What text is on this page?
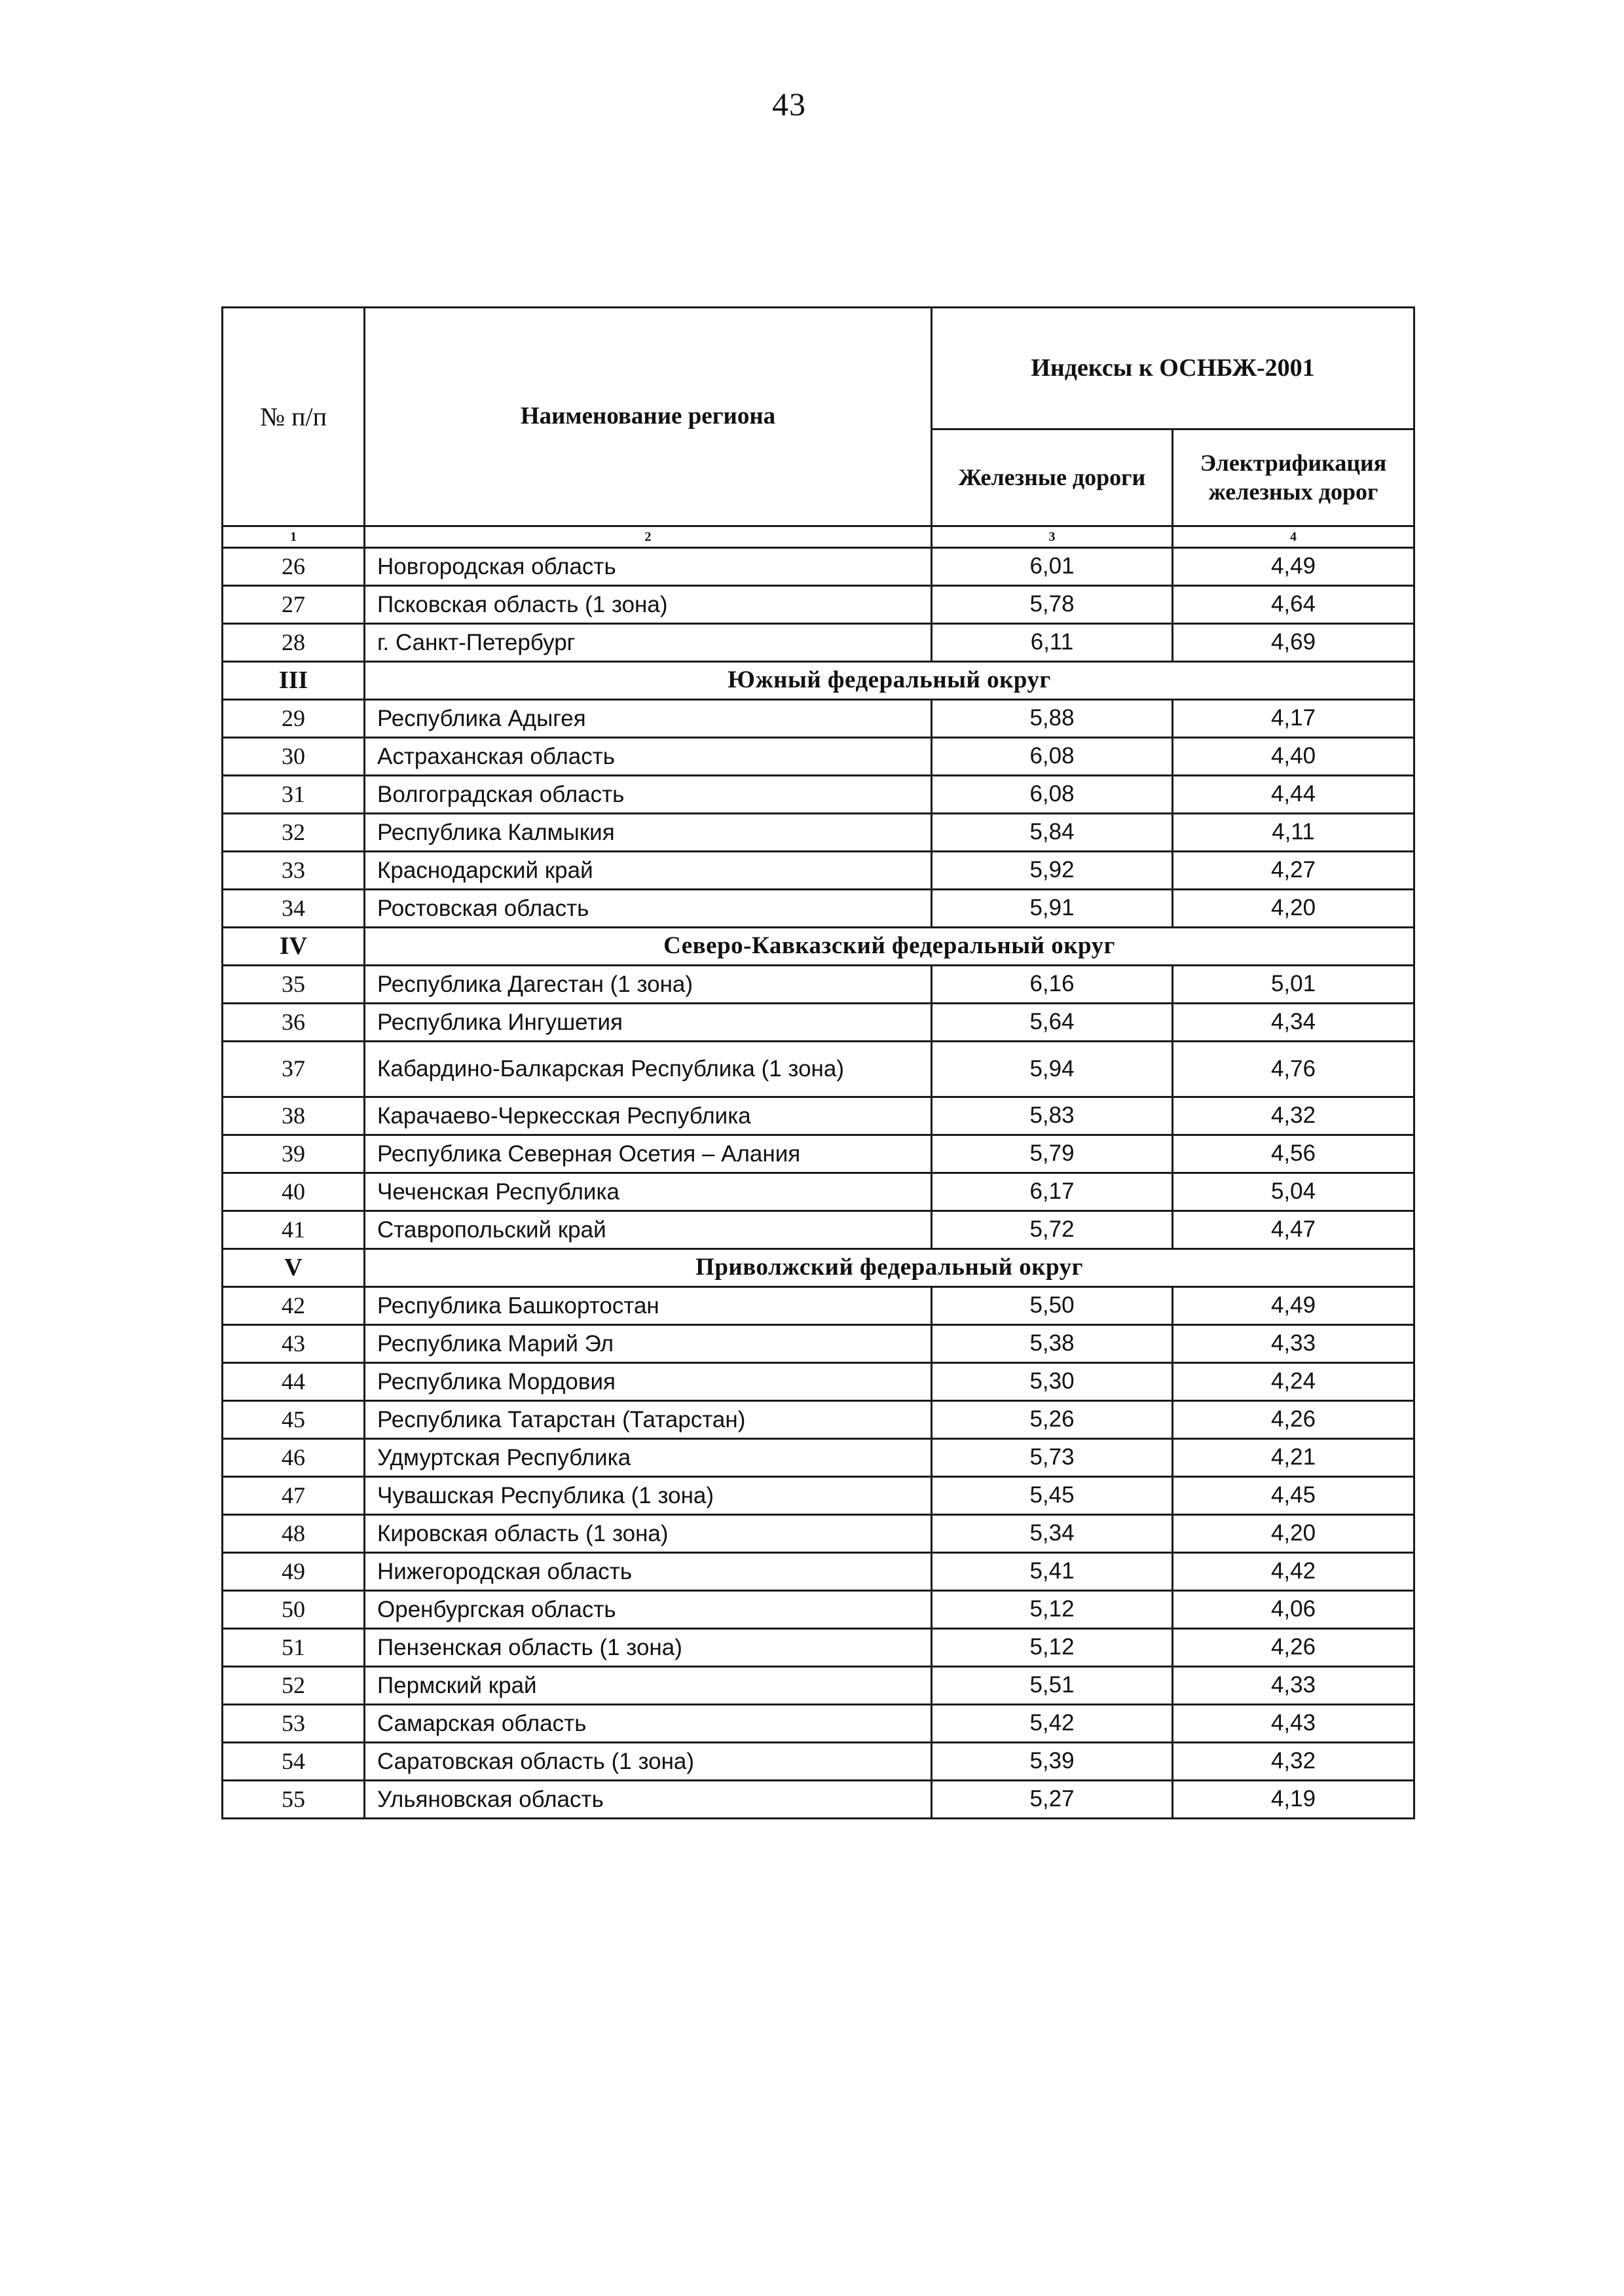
43
№ п/п	Наименование региона	Индексы к ОСНБЖ-2001	
		Железные дороги	Электрификация железных дорог
1	2	3	4
26	Новгородская область	6,01	4,49
27	Псковская область (1 зона)	5,78	4,64
28	г. Санкт-Петербург	6,11	4,69
III	Южный федеральный округ		
29	Республика Адыгея	5,88	4,17
30	Астраханская область	6,08	4,40
31	Волгоградская область	6,08	4,44
32	Республика Калмыкия	5,84	4,11
33	Краснодарский край	5,92	4,27
34	Ростовская область	5,91	4,20
IV	Северо-Кавказский федеральный округ		
35	Республика Дагестан (1 зона)	6,16	5,01
36	Республика Ингушетия	5,64	4,34
37	Кабардино-Балкарская Республика (1 зона)	5,94	4,76
38	Карачаево-Черкесская Республика	5,83	4,32
39	Республика Северная Осетия – Алания	5,79	4,56
40	Чеченская Республика	6,17	5,04
41	Ставропольский край	5,72	4,47
V	Приволжский федеральный округ		
42	Республика Башкортостан	5,50	4,49
43	Республика Марий Эл	5,38	4,33
44	Республика Мордовия	5,30	4,24
45	Республика Татарстан (Татарстан)	5,26	4,26
46	Удмуртская Республика	5,73	4,21
47	Чувашская Республика (1 зона)	5,45	4,45
48	Кировская область (1 зона)	5,34	4,20
49	Нижегородская область	5,41	4,42
50	Оренбургская область	5,12	4,06
51	Пензенская область (1 зона)	5,12	4,26
52	Пермский край	5,51	4,33
53	Самарская область	5,42	4,43
54	Саратовская область (1 зона)	5,39	4,32
55	Ульяновская область	5,27	4,19
